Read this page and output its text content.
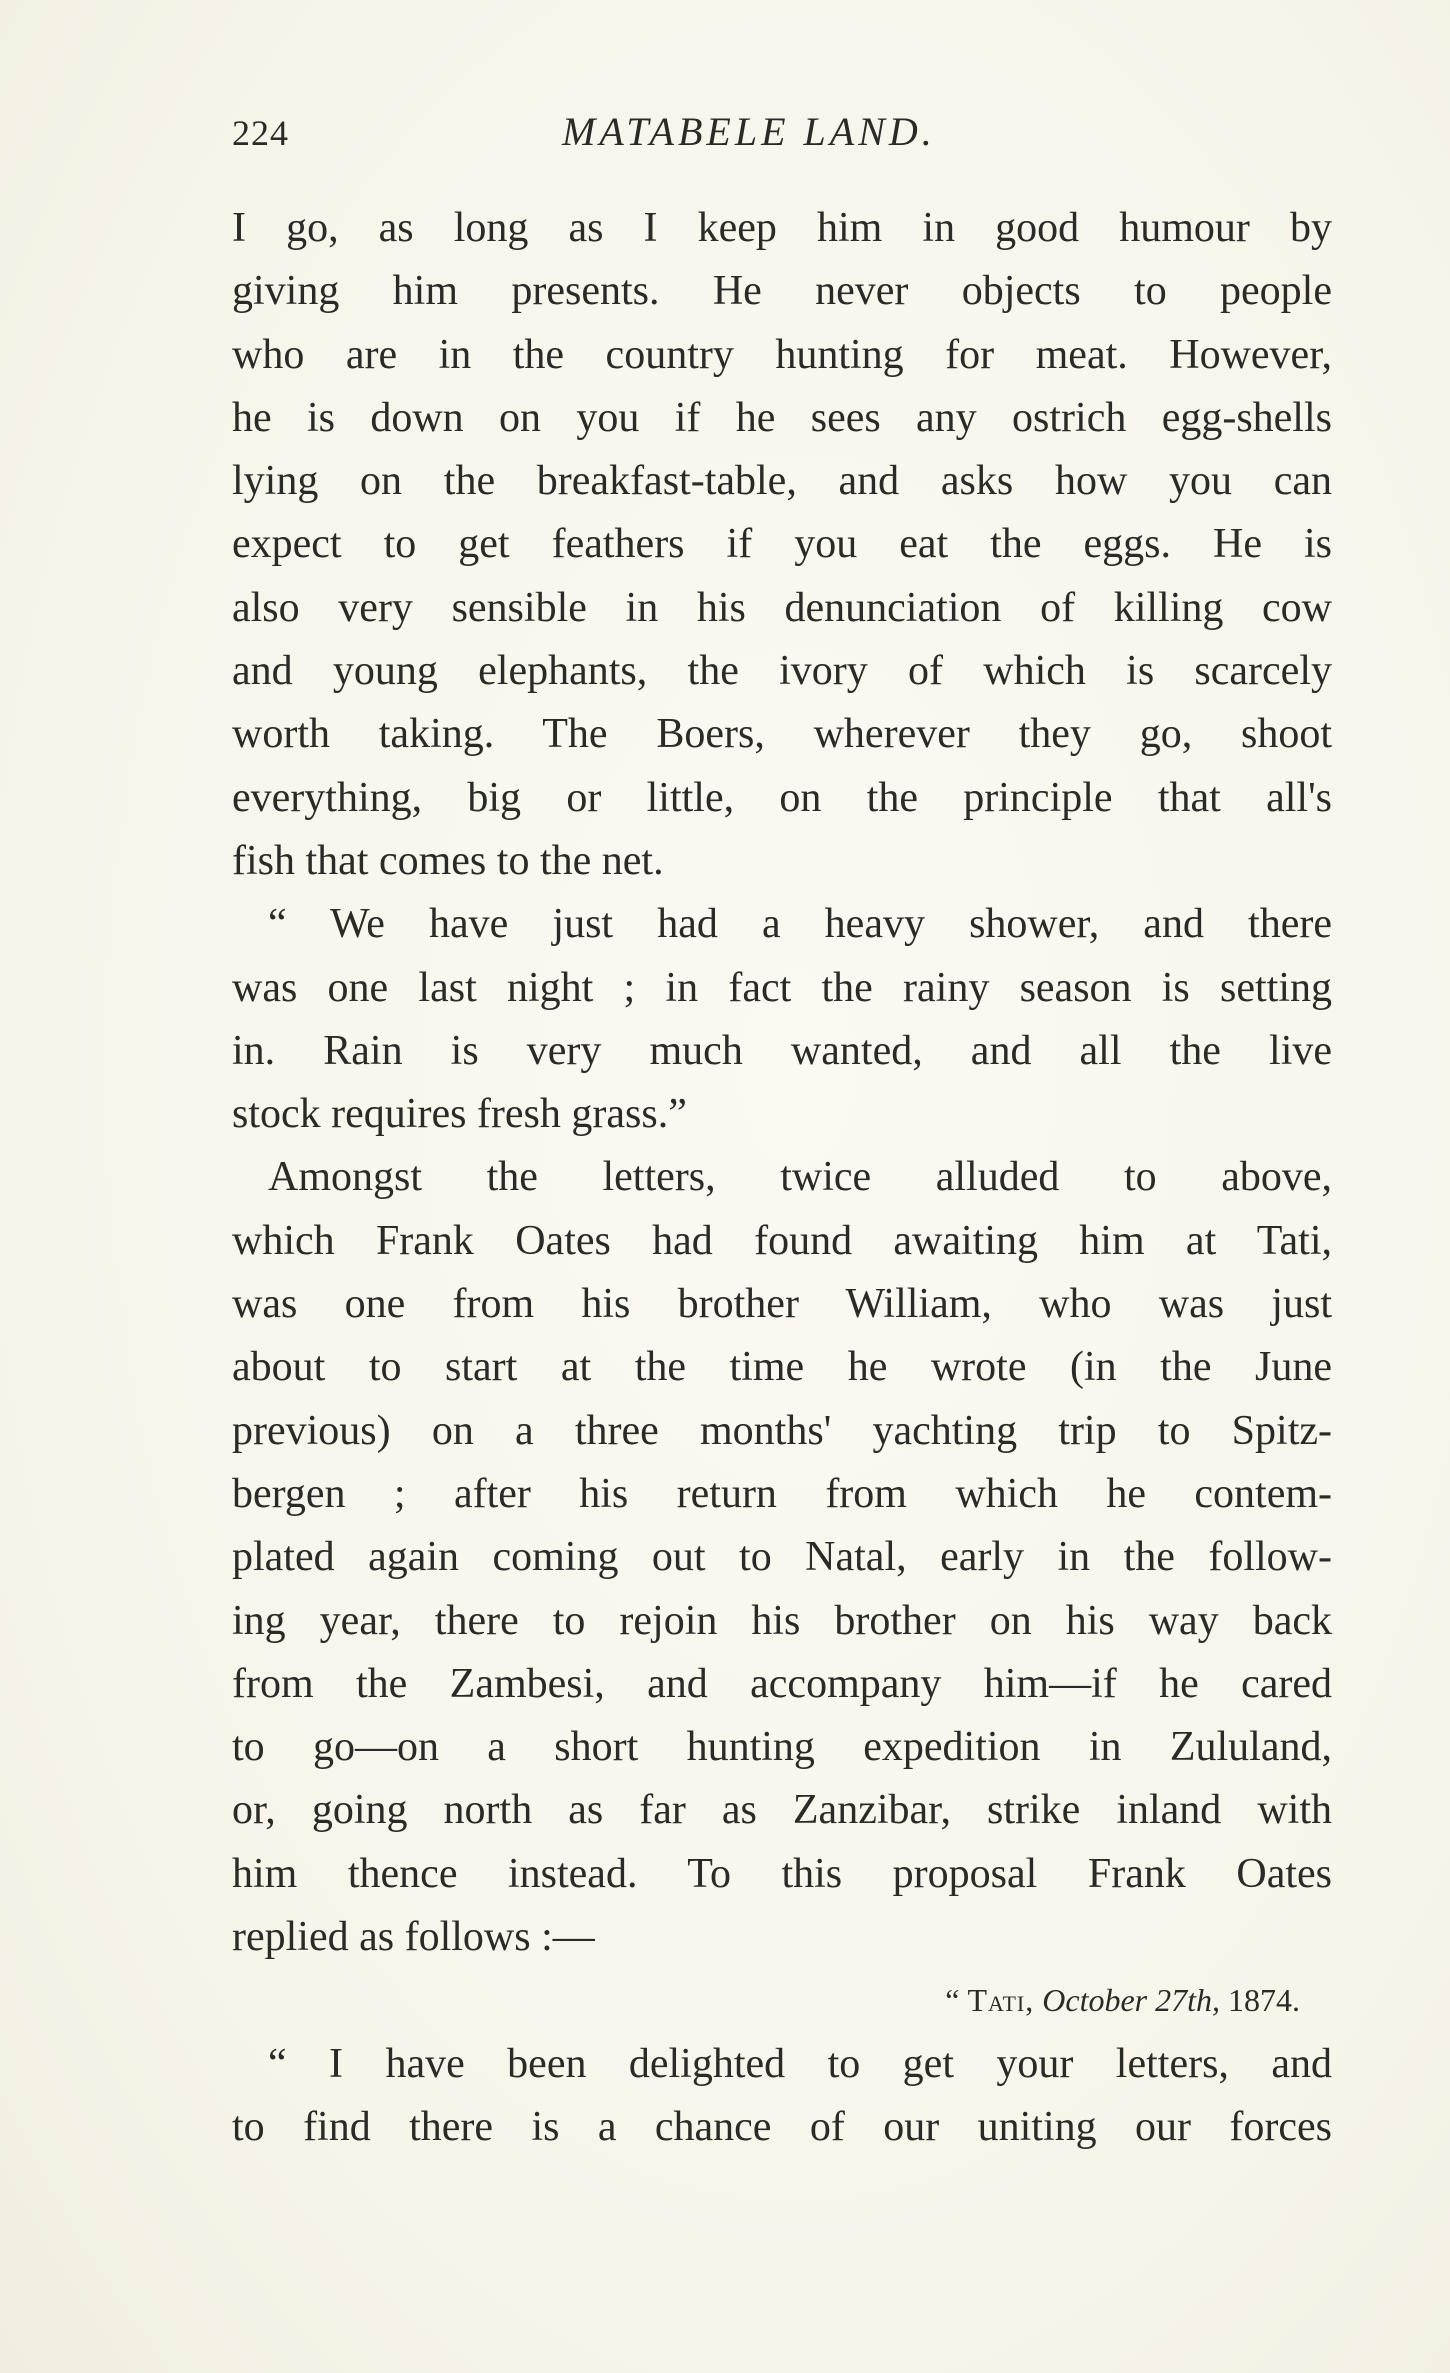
224	MATABELE LAND.
I go, as long as I keep him in good humour by
giving him presents. He never objects to people
who are in the country hunting for meat. However,
he is down on you if he sees any ostrich egg-shells
lying on the breakfast-table, and asks how you can
expect to get feathers if you eat the eggs. He is
also very sensible in his denunciation of killing cow
and young elephants, the ivory of which is scarcely
worth taking. The Boers, wherever they go, shoot
everything, big or little, on the principle that all's
fish that comes to the net.
“ We have just had a heavy shower, and there
was one last night ; in fact the rainy season is setting
in. Rain is very much wanted, and all the live
stock requires fresh grass.”
Amongst the letters, twice alluded to above,
which Frank Oates had found awaiting him at Tati,
was one from his brother William, who was just
about to start at the time he wrote (in the June
previous) on a three months' yachting trip to Spitz-
bergen ; after his return from which he contem-
plated again coming out to Natal, early in the follow-
ing year, there to rejoin his brother on his way back
from the Zambesi, and accompany him—if he cared
to go—on a short hunting expedition in Zululand,
or, going north as far as Zanzibar, strike inland with
him thence instead. To this proposal Frank Oates
replied as follows :—
“ Tati, October 27th, 1874.
“ I have been delighted to get your letters, and
to find there is a chance of our uniting our forces
